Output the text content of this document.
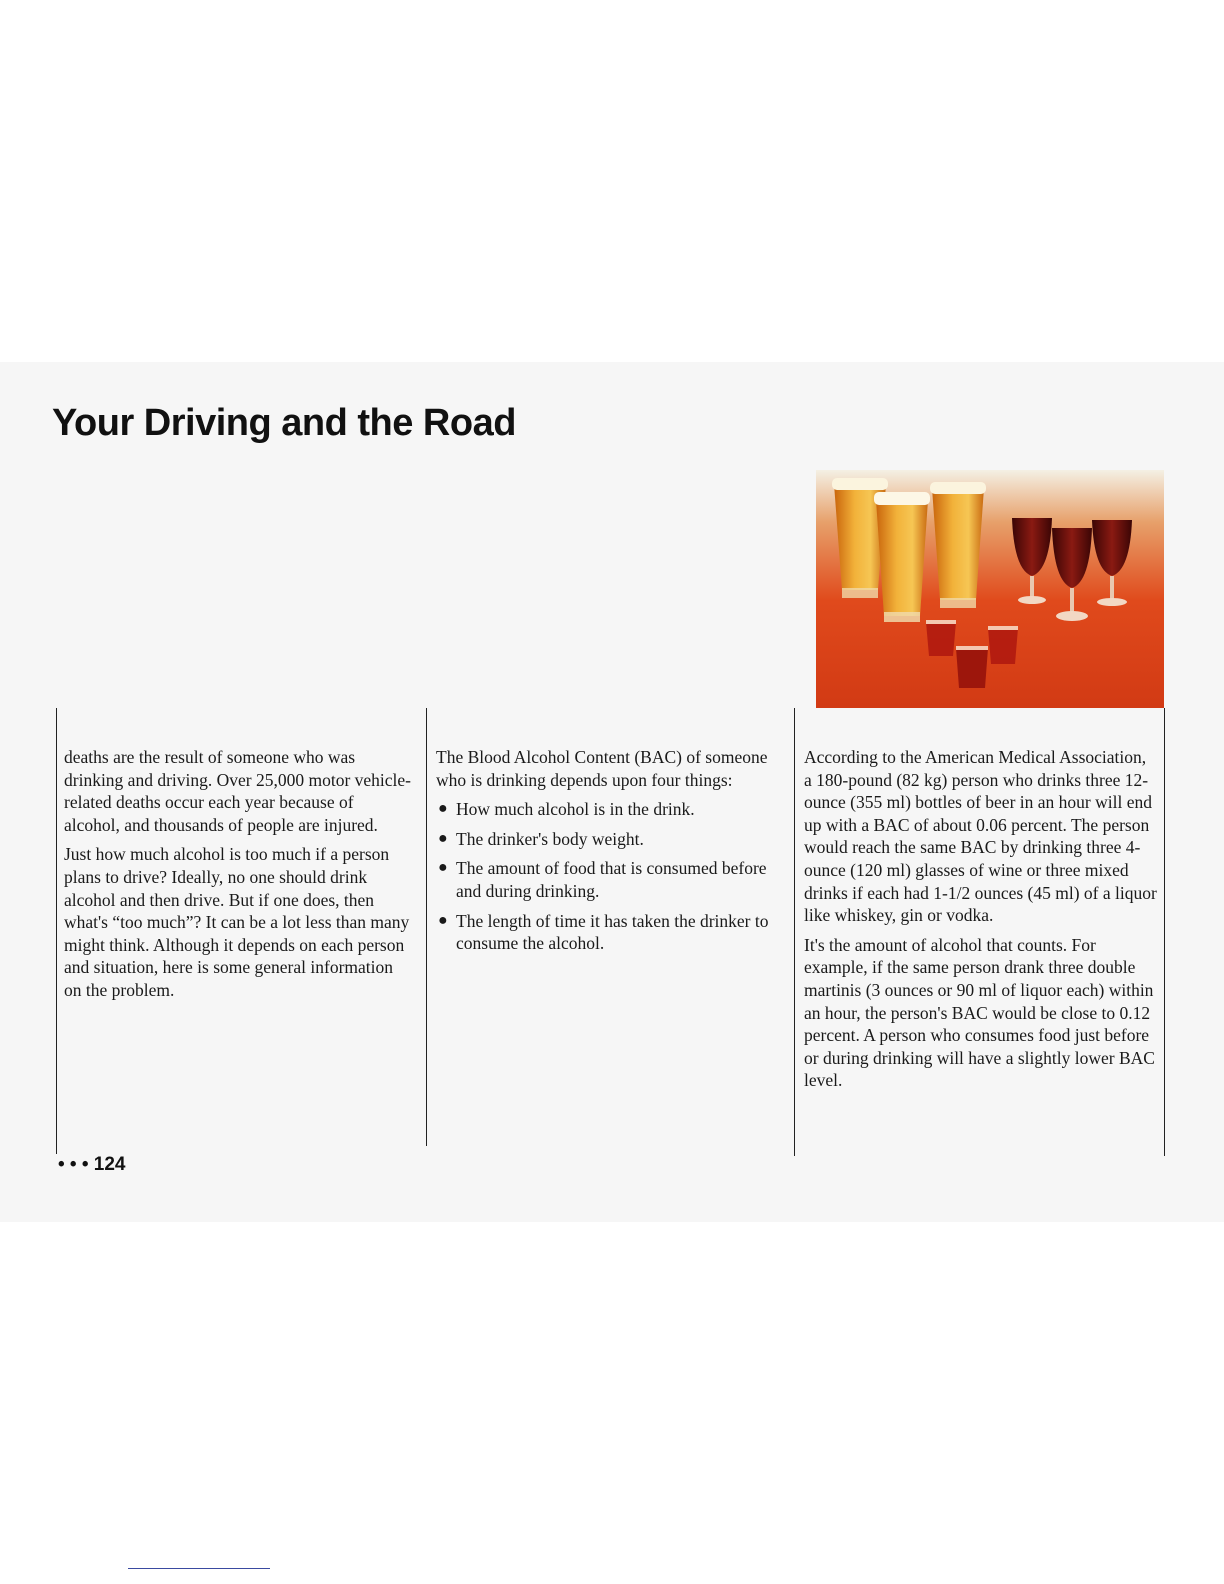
Your Driving and the Road

deaths are the result of someone who was drinking and driving. Over 25,000 motor vehicle-related deaths occur each year because of alcohol, and thousands of people are injured.

Just how much alcohol is too much if a person plans to drive? Ideally, no one should drink alcohol and then drive. But if one does, then what's “too much”? It can be a lot less than many might think. Although it depends on each person and situation, here is some general information on the problem.

The Blood Alcohol Content (BAC) of someone who is drinking depends upon four things:

● How much alcohol is in the drink.
● The drinker's body weight.
● The amount of food that is consumed before and during drinking.
● The length of time it has taken the drinker to consume the alcohol.

According to the American Medical Association, a 180-pound (82 kg) person who drinks three 12-ounce (355 ml) bottles of beer in an hour will end up with a BAC of about 0.06 percent. The person would reach the same BAC by drinking three 4-ounce (120 ml) glasses of wine or three mixed drinks if each had 1-1/2 ounces (45 ml) of a liquor like whiskey, gin or vodka.

It's the amount of alcohol that counts. For example, if the same person drank three double martinis (3 ounces or 90 ml of liquor each) within an hour, the person's BAC would be close to 0.12 percent. A person who consumes food just before or during drinking will have a slightly lower BAC level.

• • • 124
